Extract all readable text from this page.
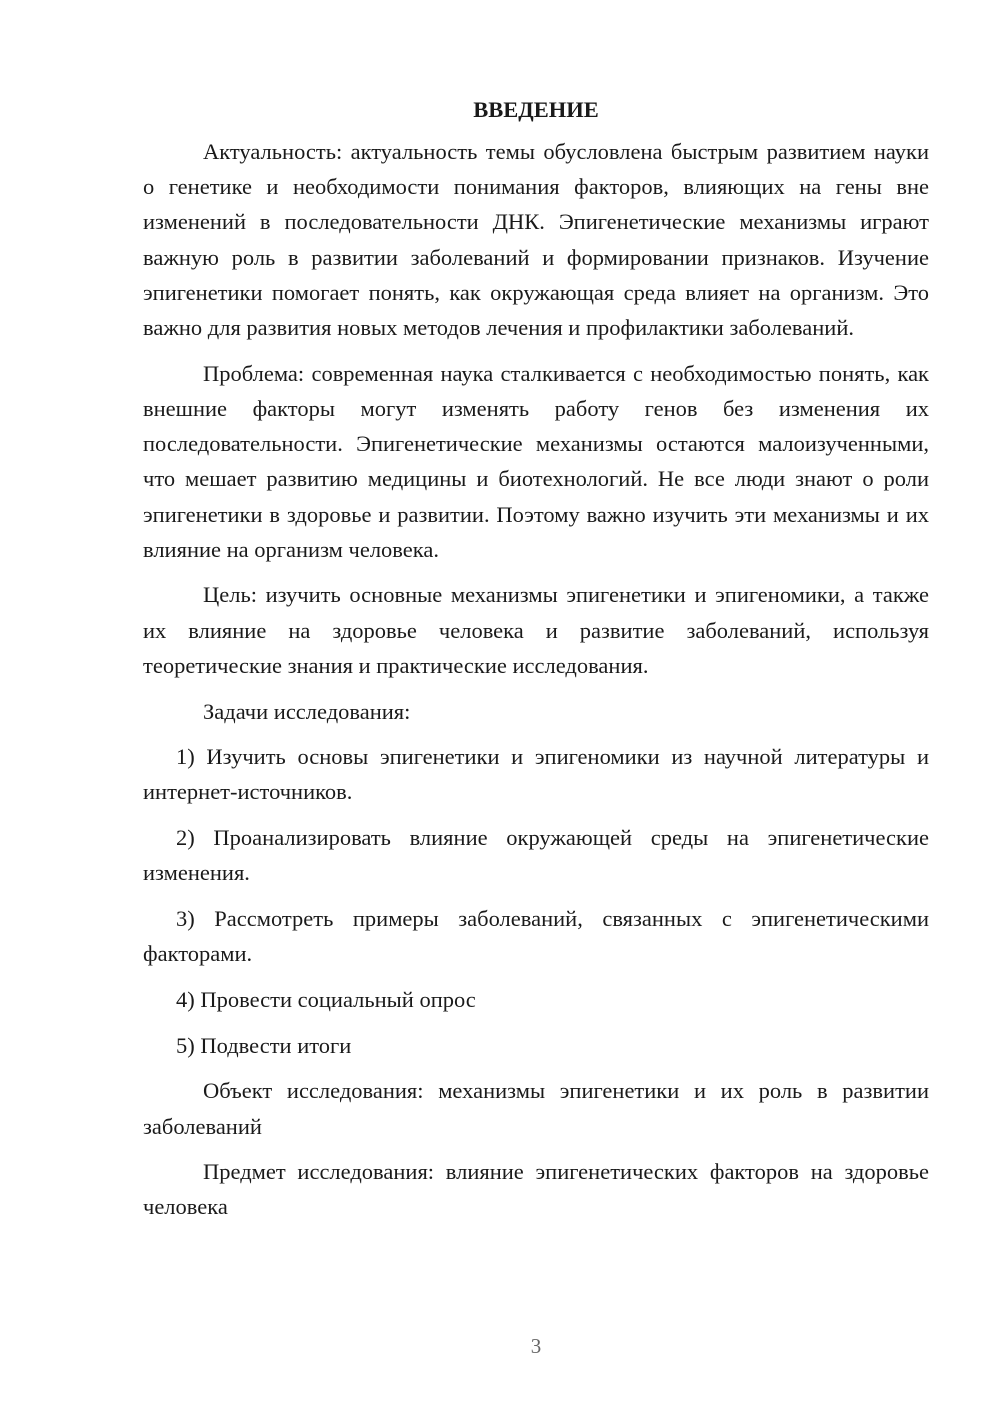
ВВЕДЕНИЕ

Актуальность: актуальность темы обусловлена быстрым развитием науки о генетике и необходимости понимания факторов, влияющих на гены вне изменений в последовательности ДНК. Эпигенетические механизмы играют важную роль в развитии заболеваний и формировании признаков. Изучение эпигенетики помогает понять, как окружающая среда влияет на организм. Это важно для развития новых методов лечения и профилактики заболеваний.

Проблема: современная наука сталкивается с необходимостью понять, как внешние факторы могут изменять работу генов без изменения их последовательности. Эпигенетические механизмы остаются малоизученными, что мешает развитию медицины и биотехнологий. Не все люди знают о роли эпигенетики в здоровье и развитии. Поэтому важно изучить эти механизмы и их влияние на организм человека.

Цель: изучить основные механизмы эпигенетики и эпигеномики, а также их влияние на здоровье человека и развитие заболеваний, используя теоретические знания и практические исследования.

Задачи исследования:

1) Изучить основы эпигенетики и эпигеномики из научной литературы и интернет-источников.

2) Проанализировать влияние окружающей среды на эпигенетические изменения.

3) Рассмотреть примеры заболеваний, связанных с эпигенетическими факторами.

4) Провести социальный опрос

5) Подвести итоги

Объект исследования: механизмы эпигенетики и их роль в развитии заболеваний

Предмет исследования: влияние эпигенетических факторов на здоровье человека

3
